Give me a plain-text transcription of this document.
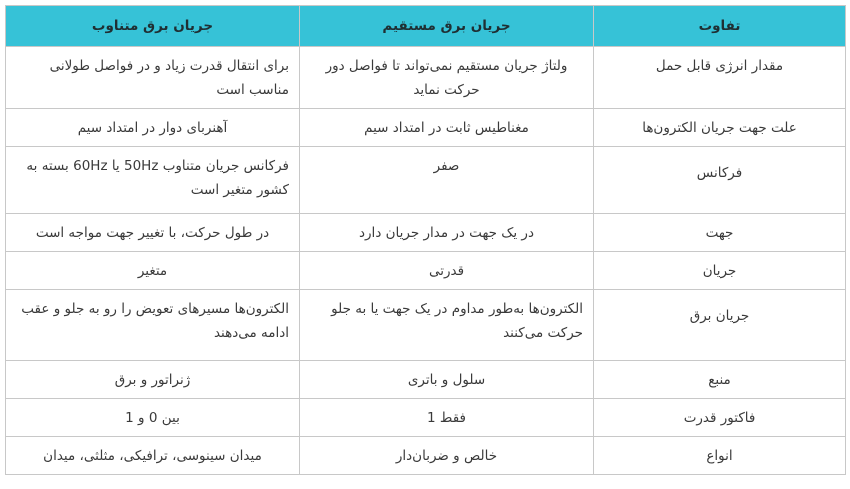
تفاوت	جریان برق مستقیم	جریان برق متناوب
مقدار انرژی قابل حمل	ولتاژ جریان مستقیم نمی‌تواند تا فواصل دور حرکت نماید	برای انتقال قدرت زیاد و در فواصل طولانی مناسب است
علت جهت جریان الکترون‌ها	مغناطیس ثابت در امتداد سیم	آهنربای دوار در امتداد سیم
فرکانس	صفر	فرکانس جریان متناوب 50Hz یا 60Hz بسته به کشور متغیر است
جهت	در یک جهت در مدار جریان دارد	در طول حرکت، با تغییر جهت مواجه است
جریان	قدرتی	متغیر
جریان برق	الکترون‌ها به‌طور مداوم در یک جهت یا به جلو حرکت می‌کنند	الکترون‌ها مسیرهای تعویض را رو به جلو و عقب ادامه می‌دهند
منبع	سلول و باتری	ژنراتور و برق
فاکتور قدرت	فقط 1	بین 0 و 1
انواع	خالص و ضربان‌دار	میدان سینوسی، ترافیکی، مثلثی، میدان
